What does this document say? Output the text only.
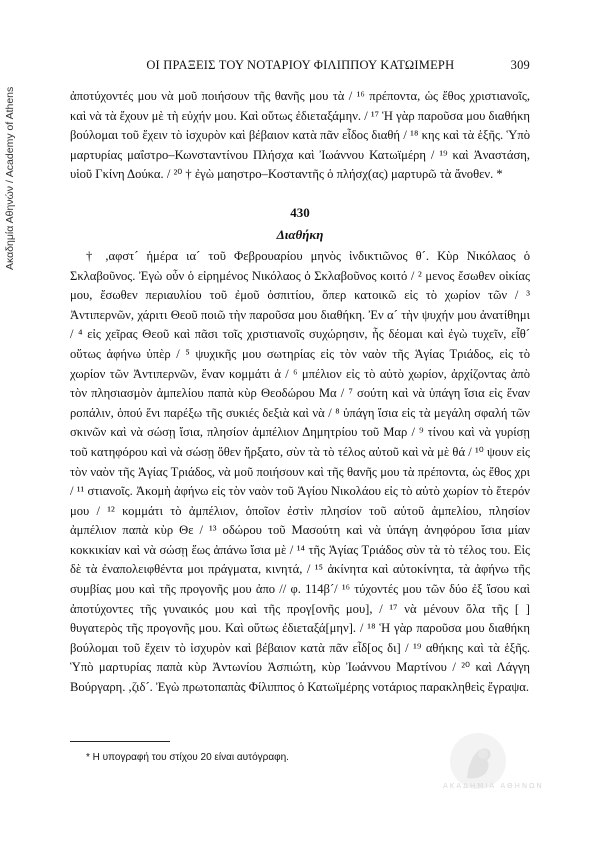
Ακαδημία Αθηνών / Academy of Athens
ΟΙ ΠΡΑΞΕΙΣ ΤΟΥ ΝΟΤΑΡΙΟΥ ΦΙΛΙΠΠΟΥ ΚΑΤΩΙΜΕΡΗ	309

ἀποτύχοντές μου νὰ μοῦ ποιήσουν τῆς θανῆς μου τὰ / ¹⁶ πρέποντα, ὡς ἔθος χριστιανοῖς, καὶ νὰ τὰ ἔχουν μὲ τὴ εὐχήν μου. Καὶ οὕτως ἐδιεταξάμην. / ¹⁷ Ἡ γὰρ παροῦσα μου διαθήκη βούλομαι τοῦ ἔχειν τὸ ἰσχυρὸν καὶ βέβαιον κατὰ πᾶν εἶδος διαθή / ¹⁸ κης καὶ τὰ ἑξῆς. Ὑπὸ μαρτυρίας μαΐστρο–Κωνσταντίνου Πλήσχα καὶ Ἰωάννου Κατωϊμέρη / ¹⁹ καὶ Ἀναστάση, υἱοῦ Γκίνη Δούκα. / ²⁰ † ἐγὼ μαηστρο–Κοσταντῆς ὁ πλήσχ(ας) μαρτυρῶ τὰ ἄνοθεν. *

430
Διαθήκη

† ,αφστ´ ἡμέρα ια´ τοῦ Φεβρουαρίου μηνὸς ἰνδικτιῶνος θ´. Κὺρ Νικόλαος ὁ Σκλαβοῦνος. Ἐγὼ οὖν ὁ εἰρημένος Νικόλαος ὁ Σκλαβοῦνος κοιτό / ² μενος ἔσωθεν οἰκίας μου, ἔσωθεν περιαυλίου τοῦ ἐμοῦ ὀσπιτίου, ὅπερ κατοικῶ εἰς τὸ χωρίον τῶν / ³ Ἀντιπερνῶν, χάριτι Θεοῦ ποιῶ τὴν παροῦσα μου διαθήκη. Ἐν α´ τὴν ψυχήν μου ἀνατίθημι / ⁴ εἰς χεῖρας Θεοῦ καὶ πᾶσι τοῖς χριστιανοῖς συχώρησιν, ἧς δέομαι καὶ ἐγὼ τυχεῖν, εἶθ´ οὕτως ἀφήνω ὑπὲρ / ⁵ ψυχικῆς μου σωτηρίας εἰς τὸν ναὸν τῆς Ἁγίας Τριάδος, εἰς τὸ χωρίον τῶν Ἀντιπερνῶν, ἕναν κομμάτι ἀ / ⁶ μπέλιον εἰς τὸ αὐτὸ χωρίον, ἀρχίζοντας ἀπὸ τὸν πλησιασμὸν ἀμπελίου παπὰ κὺρ Θεοδώρου Μα / ⁷ σούτη καὶ νὰ ὑπάγη ἴσια εἰς ἕναν ροπάλιν, ὁπού ἕνι παρέξω τῆς συκιές δεξιὰ καὶ νὰ / ⁸ ὑπάγη ἴσια εἰς τὰ μεγάλη σφαλή τῶν σκινῶν καὶ νὰ σώσῃ ἴσια, πλησίον ἀμπέλιον Δημητρίου τοῦ Μαρ / ⁹ τίνου καὶ νὰ γυρίσῃ τοῦ κατηφόρου καὶ νὰ σώσῃ ὅθεν ἤρξατο, σὺν τὰ τὸ τέλος αὐτοῦ καὶ νὰ μὲ θά / ¹⁰ ψουν εἰς τὸν ναὸν τῆς Ἁγίας Τριάδος, νὰ μοῦ ποιήσουν καὶ τῆς θανῆς μου τὰ πρέποντα, ὡς ἔθος χρι / ¹¹ στιανοῖς. Ἀκομὴ ἀφήνω εἰς τὸν ναὸν τοῦ Ἁγίου Νικολάου εἰς τὸ αὐτὸ χωρίον τὸ ἕτερόν μου / ¹² κομμάτι τὸ ἀμπέλιον, ὁποῖον ἐστὶν πλησίον τοῦ αὐτοῦ ἀμπελίου, πλησίον ἀμπέλιον παπὰ κὺρ Θε / ¹³ οδώρου τοῦ Μασούτη καὶ νὰ ὑπάγη ἀνηφόρου ἴσια μίαν κοκκικίαν καὶ νὰ σώσῃ ἕως ἀπάνω ἴσια μὲ / ¹⁴ τῆς Ἁγίας Τριάδος σὺν τὰ τὸ τέλος του. Εἰς δὲ τὰ ἐναπολειφθέντα μοι πράγματα, κινητά, / ¹⁵ ἀκίνητα καὶ αὐτοκίνητα, τὰ ἀφήνω τῆς συμβίας μου καὶ τῆς προγονῆς μου ἀπο // φ. 114β´/ ¹⁶ τύχοντές μου τῶν δύο ἐξ ἴσου καὶ ἀποτύχοντες τῆς γυναικός μου καὶ τῆς προγ[ονῆς μου], / ¹⁷ νὰ μένουν ὅλα τῆς [ ] θυγατερὸς τῆς προγονῆς μου. Καὶ οὕτως ἐδιεταξά[μην]. / ¹⁸ Ἡ γὰρ παροῦσα μου διαθήκη βούλομαι τοῦ ἔχειν τὸ ἰσχυρὸν καὶ βέβαιον κατὰ πᾶν εἶδ[ος δι] / ¹⁹ αθήκης καὶ τὰ ἑξῆς. Ὑπὸ μαρτυρίας παπὰ κὺρ Ἀντωνίου Ἀσπιώτη, κὺρ Ἰωάννου Μαρτίνου / ²⁰ καὶ Λάγγη Βούργαρη. ,ζιδ´. Ἐγὼ πρωτοπαπὰς Φίλιππος ὁ Κατωϊμέρης νοτάριος παρακληθεὶς ἔγραψα.

* Η υπογραφή του στίχου 20 είναι αυτόγραφη.
ΑΚΑΔΗΜΙΑ ΑΘΗΝΩΝ
